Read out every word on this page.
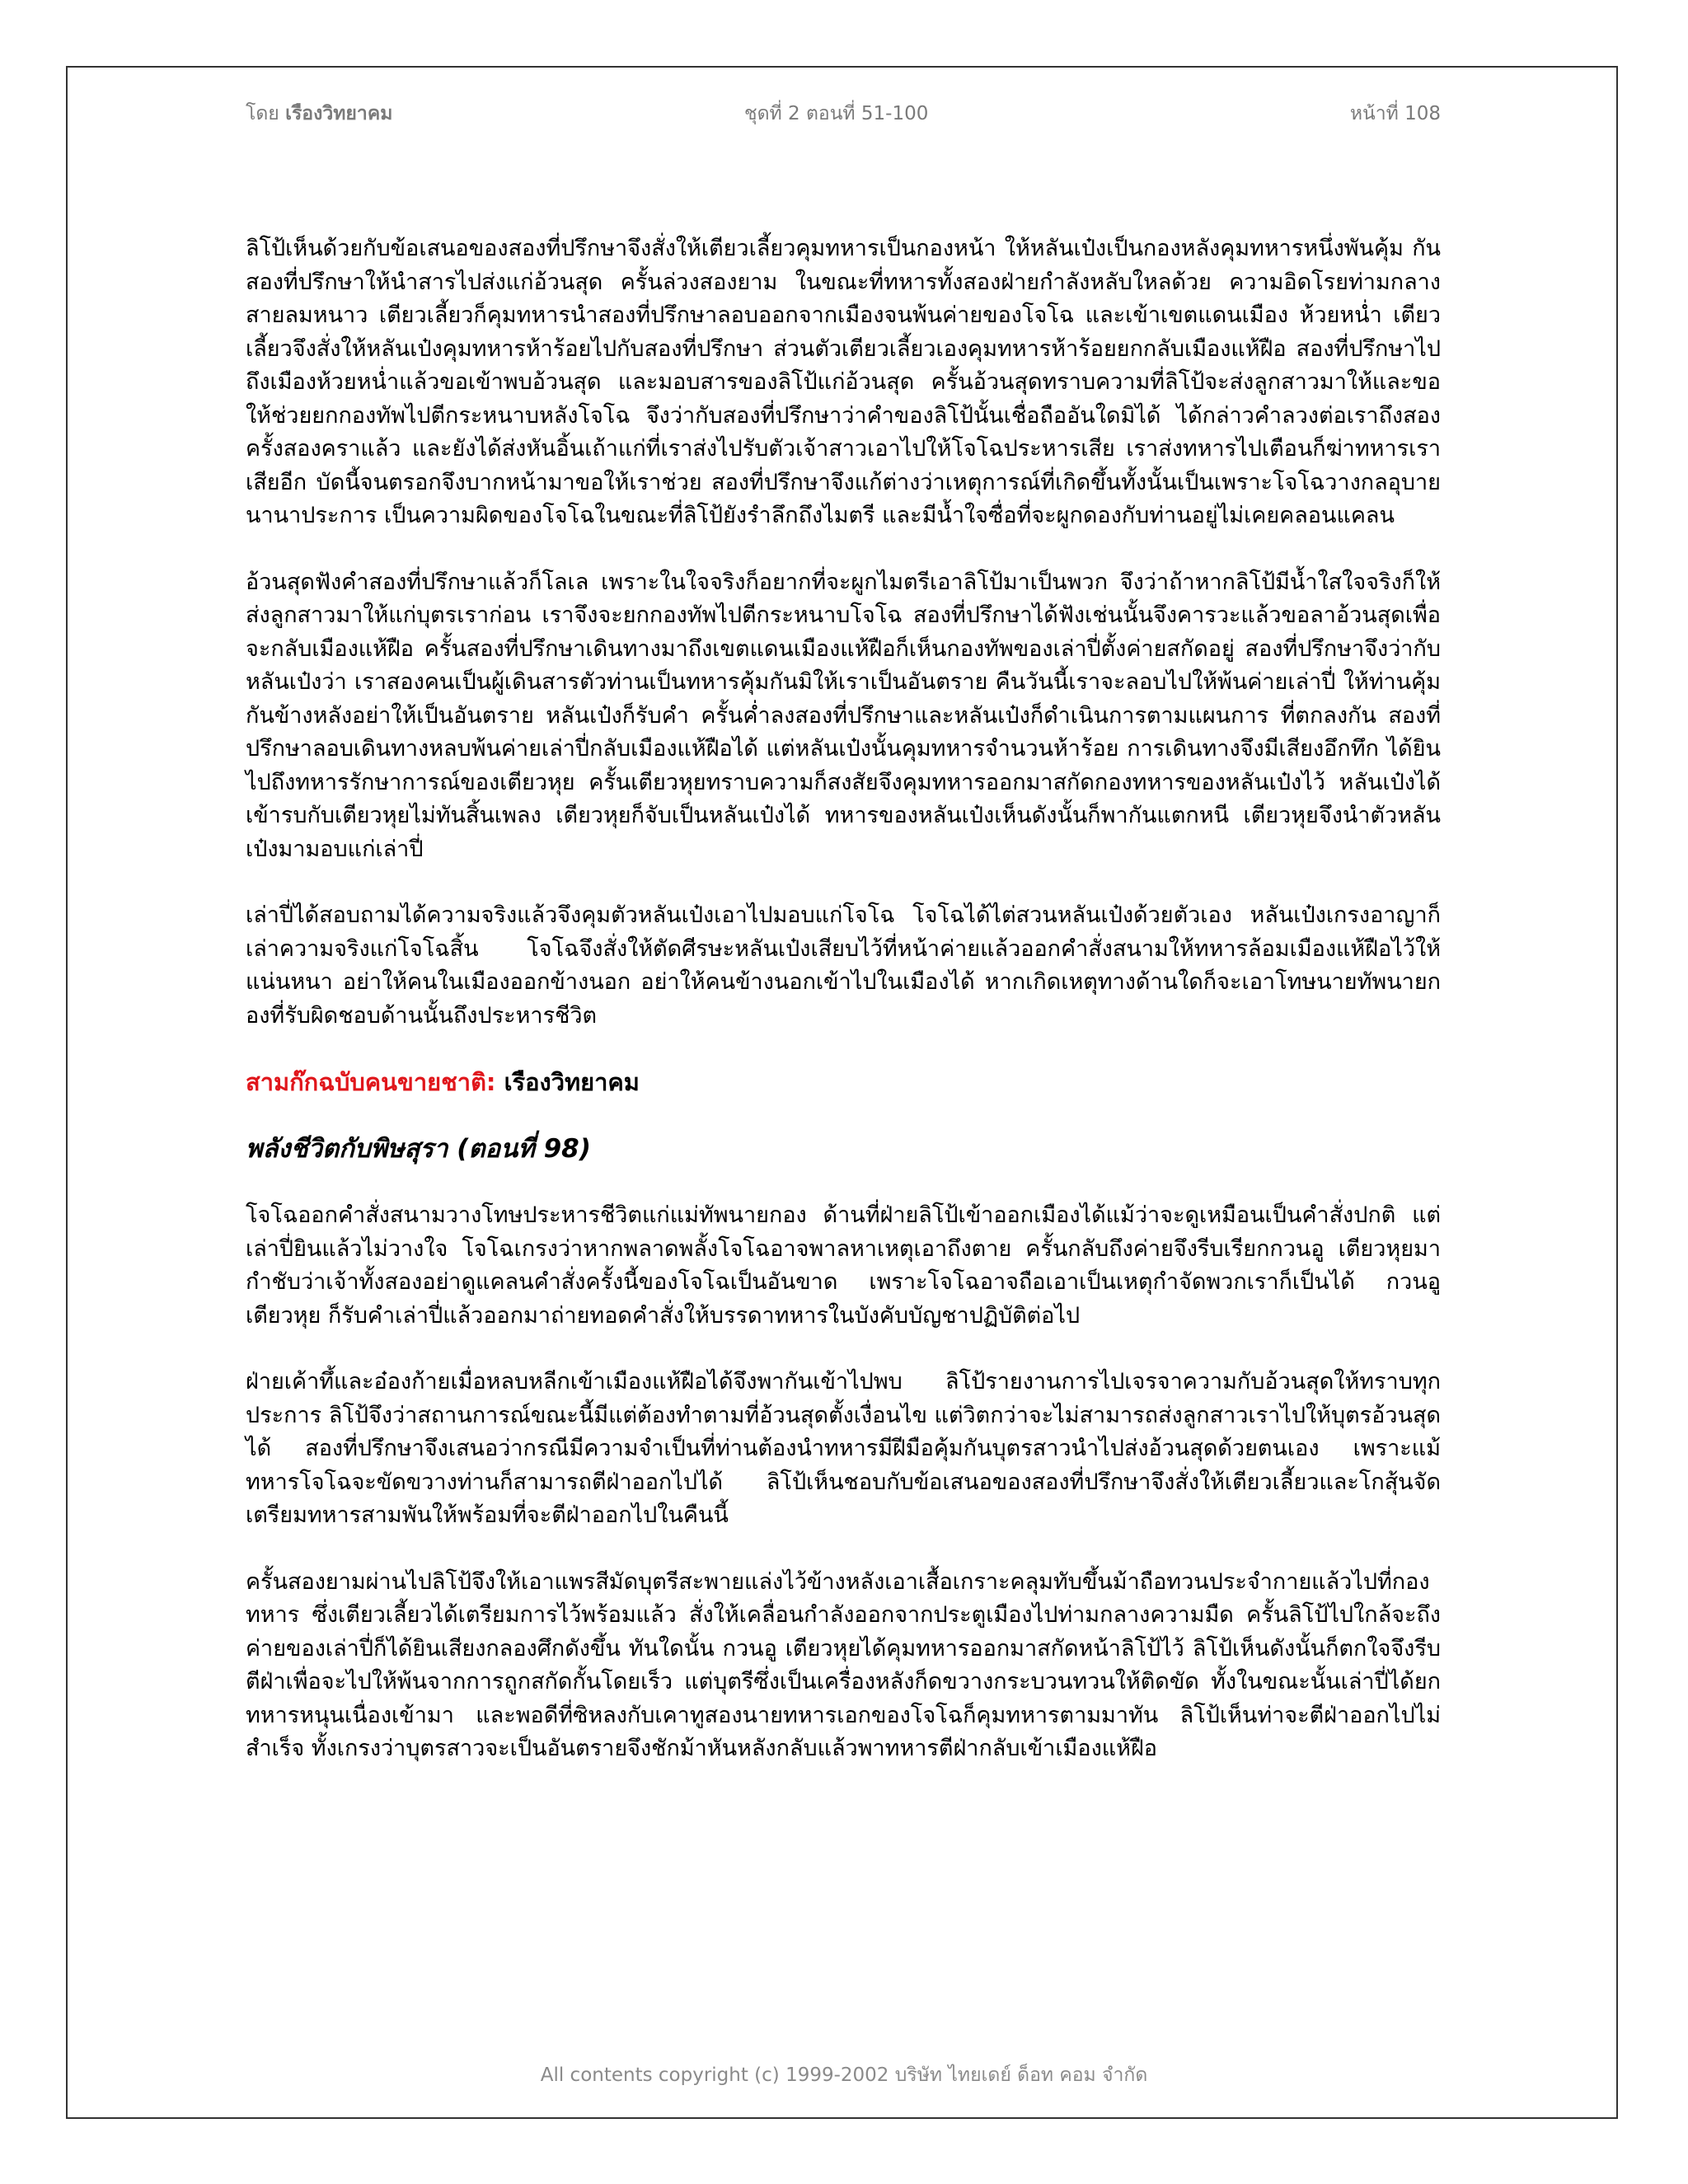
โดย เรืองวิทยาคม	ชุดที่ 2 ตอนที่ 51-100	หน้าที่ 108

ลิโป้เห็นด้วยกับข้อเสนอของสองที่ปรึกษาจึงสั่งให้เตียวเลี้ยวคุมทหารเป็นกองหน้า ให้หลันเป๋งเป็นกองหลังคุมทหารหนึ่งพันคุ้ม กันสองที่ปรึกษาให้นำสารไปส่งแก่อ้วนสุด ครั้นล่วงสองยาม ในขณะที่ทหารทั้งสองฝ่ายกำลังหลับใหลด้วย ความอิดโรยท่ามกลางสายลมหนาว เตียวเลี้ยวก็คุมทหารนำสองที่ปรึกษาลอบออกจากเมืองจนพ้นค่ายของโจโฉ และเข้าเขตแดนเมือง ห้วยหน่ำ เตียวเลี้ยวจึงสั่งให้หลันเป๋งคุมทหารห้าร้อยไปกับสองที่ปรึกษา ส่วนตัวเตียวเลี้ยวเองคุมทหารห้าร้อยยกกลับเมืองแห้ฝือ สองที่ปรึกษาไปถึงเมืองห้วยหน่ำแล้วขอเข้าพบอ้วนสุด และมอบสารของลิโป้แก่อ้วนสุด ครั้นอ้วนสุดทราบความที่ลิโป้จะส่งลูกสาวมาให้และขอให้ช่วยยกกองทัพไปตีกระหนาบหลังโจโฉ จึงว่ากับสองที่ปรึกษาว่าคำของลิโป้นั้นเชื่อถืออันใดมิได้ ได้กล่าวคำลวงต่อเราถึงสองครั้งสองคราแล้ว และยังได้ส่งหันอิ้นเถ้าแก่ที่เราส่งไปรับตัวเจ้าสาวเอาไปให้โจโฉประหารเสีย เราส่งทหารไปเตือนก็ฆ่าทหารเราเสียอีก บัดนี้จนตรอกจึงบากหน้ามาขอให้เราช่วย สองที่ปรึกษาจึงแก้ต่างว่าเหตุการณ์ที่เกิดขึ้นทั้งนั้นเป็นเพราะโจโฉวางกลอุบายนานาประการ เป็นความผิดของโจโฉในขณะที่ลิโป้ยังรำลึกถึงไมตรี และมีน้ำใจซื่อที่จะผูกดองกับท่านอยู่ไม่เคยคลอนแคลน

อ้วนสุดฟังคำสองที่ปรึกษาแล้วก็โลเล เพราะในใจจริงก็อยากที่จะผูกไมตรีเอาลิโป้มาเป็นพวก จึงว่าถ้าหากลิโป้มีน้ำใสใจจริงก็ให้ ส่งลูกสาวมาให้แก่บุตรเราก่อน เราจึงจะยกกองทัพไปตีกระหนาบโจโฉ สองที่ปรึกษาได้ฟังเช่นนั้นจึงคารวะแล้วขอลาอ้วนสุดเพื่อจะกลับเมืองแห้ฝือ ครั้นสองที่ปรึกษาเดินทางมาถึงเขตแดนเมืองแห้ฝือก็เห็นกองทัพของเล่าปี่ตั้งค่ายสกัดอยู่ สองที่ปรึกษาจึงว่ากับหลันเป๋งว่า เราสองคนเป็นผู้เดินสารตัวท่านเป็นทหารคุ้มกันมิให้เราเป็นอันตราย คืนวันนี้เราจะลอบไปให้พ้นค่ายเล่าปี่ ให้ท่านคุ้มกันข้างหลังอย่าให้เป็นอันตราย หลันเป๋งก็รับคำ ครั้นค่ำลงสองที่ปรึกษาและหลันเป๋งก็ดำเนินการตามแผนการ ที่ตกลงกัน สองที่ปรึกษาลอบเดินทางหลบพ้นค่ายเล่าปี่กลับเมืองแห้ฝือได้ แต่หลันเป๋งนั้นคุมทหารจำนวนห้าร้อย การเดินทางจึงมีเสียงอึกทึก ได้ยินไปถึงทหารรักษาการณ์ของเตียวหุย ครั้นเตียวหุยทราบความก็สงสัยจึงคุมทหารออกมาสกัดกองทหารของหลันเป๋งไว้ หลันเป๋งได้เข้ารบกับเตียวหุยไม่ทันสิ้นเพลง เตียวหุยก็จับเป็นหลันเป๋งได้ ทหารของหลันเป๋งเห็นดังนั้นก็พากันแตกหนี เตียวหุยจึงนำตัวหลันเป๋งมามอบแก่เล่าปี่

เล่าปี่ได้สอบถามได้ความจริงแล้วจึงคุมตัวหลันเป๋งเอาไปมอบแก่โจโฉ โจโฉได้ไต่สวนหลันเป๋งด้วยตัวเอง หลันเป๋งเกรงอาญาก็เล่าความจริงแก่โจโฉสิ้น โจโฉจึงสั่งให้ตัดศีรษะหลันเป๋งเสียบไว้ที่หน้าค่ายแล้วออกคำสั่งสนามให้ทหารล้อมเมืองแห้ฝือไว้ให้แน่นหนา อย่าให้คนในเมืองออกข้างนอก อย่าให้คนข้างนอกเข้าไปในเมืองได้ หากเกิดเหตุทางด้านใดก็จะเอาโทษนายทัพนายกองที่รับผิดชอบด้านนั้นถึงประหารชีวิต

สามก๊กฉบับคนขายชาติ: เรืองวิทยาคม
พลังชีวิตกับพิษสุรา (ตอนที่ 98)

โจโฉออกคำสั่งสนามวางโทษประหารชีวิตแก่แม่ทัพนายกอง ด้านที่ฝ่ายลิโป้เข้าออกเมืองได้แม้ว่าจะดูเหมือนเป็นคำสั่งปกติ แต่เล่าปี่ยินแล้วไม่วางใจ โจโฉเกรงว่าหากพลาดพลั้งโจโฉอาจพาลหาเหตุเอาถึงตาย ครั้นกลับถึงค่ายจึงรีบเรียกกวนอู เตียวหุยมากำชับว่าเจ้าทั้งสองอย่าดูแคลนคำสั่งครั้งนี้ของโจโฉเป็นอันขาด เพราะโจโฉอาจถือเอาเป็นเหตุกำจัดพวกเราก็เป็นได้ กวนอู เตียวหุย ก็รับคำเล่าปี่แล้วออกมาถ่ายทอดคำสั่งให้บรรดาทหารในบังคับบัญชาปฏิบัติต่อไป

ฝ่ายเค้าทึ้และอ๋องก้ายเมื่อหลบหลีกเข้าเมืองแห้ฝือได้จึงพากันเข้าไปพบ ลิโป้รายงานการไปเจรจาความกับอ้วนสุดให้ทราบทุกประการ ลิโป้จึงว่าสถานการณ์ขณะนี้มีแต่ต้องทำตามที่อ้วนสุดตั้งเงื่อนไข แต่วิตกว่าจะไม่สามารถส่งลูกสาวเราไปให้บุตรอ้วนสุดได้ สองที่ปรึกษาจึงเสนอว่ากรณีมีความจำเป็นที่ท่านต้องนำทหารมีฝีมือคุ้มกันบุตรสาวนำไปส่งอ้วนสุดด้วยตนเอง เพราะแม้ทหารโจโฉจะขัดขวางท่านก็สามารถตีฝ่าออกไปได้ ลิโป้เห็นชอบกับข้อเสนอของสองที่ปรึกษาจึงสั่งให้เตียวเลี้ยวและโกสุ้นจัดเตรียมทหารสามพันให้พร้อมที่จะตีฝ่าออกไปในคืนนี้

ครั้นสองยามผ่านไปลิโป้จึงให้เอาแพรสีมัดบุตรีสะพายแล่งไว้ข้างหลังเอาเสื้อเกราะคลุมทับขึ้นม้าถือทวนประจำกายแล้วไปที่กองทหาร ซึ่งเตียวเลี้ยวได้เตรียมการไว้พร้อมแล้ว สั่งให้เคลื่อนกำลังออกจากประตูเมืองไปท่ามกลางความมืด ครั้นลิโป้ไปใกล้จะถึงค่ายของเล่าปี่ก็ได้ยินเสียงกลองศึกดังขึ้น ทันใดนั้น กวนอู เตียวหุยได้คุมทหารออกมาสกัดหน้าลิโป้ไว้ ลิโป้เห็นดังนั้นก็ตกใจจึงรีบตีฝ่าเพื่อจะไปให้พ้นจากการถูกสกัดกั้นโดยเร็ว แต่บุตรีซึ่งเป็นเครื่องหลังก็ดขวางกระบวนทวนให้ติดขัด ทั้งในขณะนั้นเล่าปี่ได้ยกทหารหนุนเนื่องเข้ามา และพอดีที่ซิหลงกับเคาทูสองนายทหารเอกของโจโฉก็คุมทหารตามมาทัน ลิโป้เห็นท่าจะตีฝ่าออกไปไม่สำเร็จ ทั้งเกรงว่าบุตรสาวจะเป็นอันตรายจึงชักม้าหันหลังกลับแล้วพาทหารตีฝ่ากลับเข้าเมืองแห้ฝือ

All contents copyright (c) 1999-2002 บริษัท ไทยเดย์ ด็อท คอม จำกัด
